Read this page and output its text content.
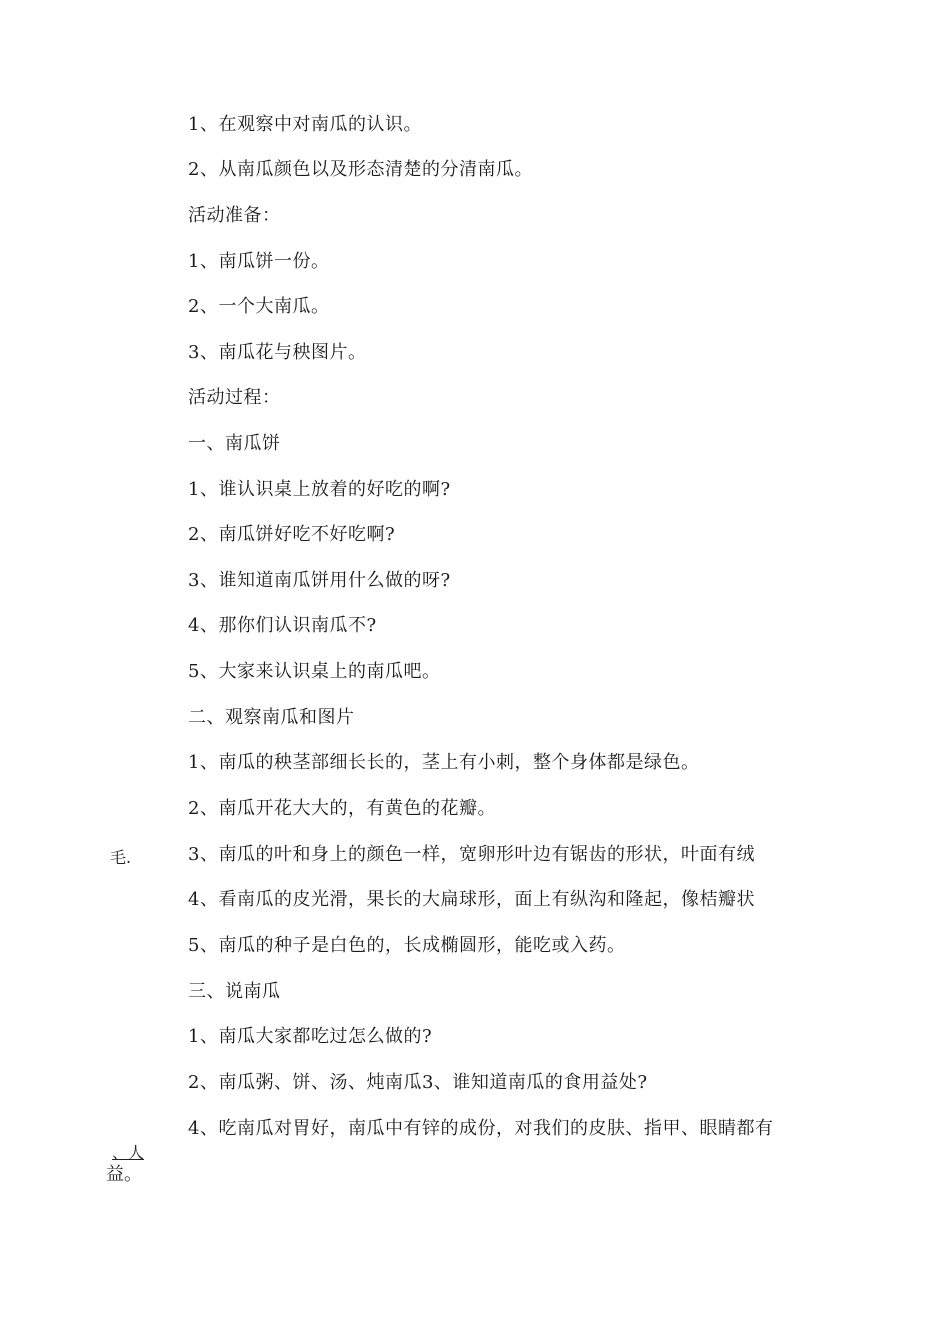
1、在观察中对南瓜的认识。
2、从南瓜颜色以及形态清楚的分清南瓜。
活动准备：
1、南瓜饼一份。
2、一个大南瓜。
3、南瓜花与秧图片。
活动过程：
一、南瓜饼
1、谁认识桌上放着的好吃的啊?
2、南瓜饼好吃不好吃啊?
3、谁知道南瓜饼用什么做的呀?
4、那你们认识南瓜不?
5、大家来认识桌上的南瓜吧。
二、观察南瓜和图片
1、南瓜的秧茎部细长长的，茎上有小刺，整个身体都是绿色。
2、南瓜开花大大的，有黄色的花瓣。
3、南瓜的叶和身上的颜色一样，宽卵形叶边有锯齿的形状，叶面有绒
4、看南瓜的皮光滑，果长的大扁球形，面上有纵沟和隆起，像桔瓣状
5、南瓜的种子是白色的，长成椭圆形，能吃或入药。
三、说南瓜
1、南瓜大家都吃过怎么做的?
2、南瓜粥、饼、汤、炖南瓜3、谁知道南瓜的食用益处?
4、吃南瓜对胃好，南瓜中有锌的成份，对我们的皮肤、指甲、眼睛都有
毛.
、人
益。
